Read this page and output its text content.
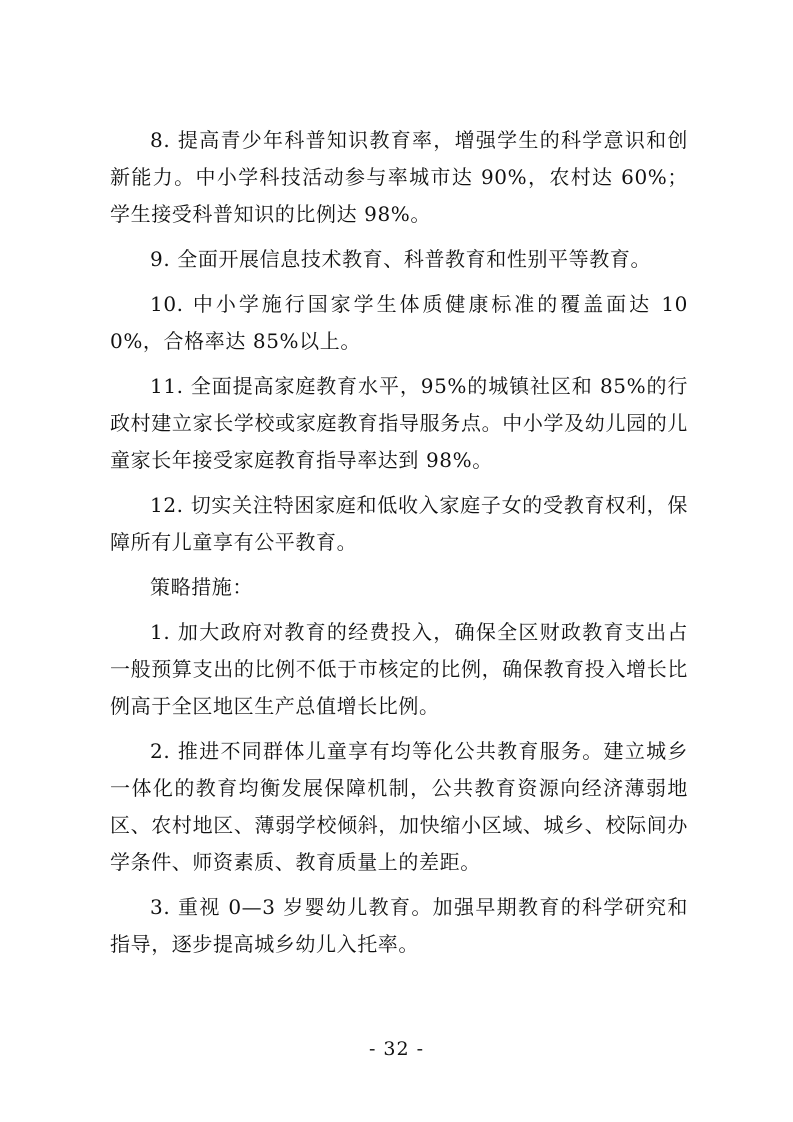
8. 提高青少年科普知识教育率，增强学生的科学意识和创新能力。中小学科技活动参与率城市达 90%，农村达 60%；学生接受科普知识的比例达 98%。

9. 全面开展信息技术教育、科普教育和性别平等教育。

10. 中小学施行国家学生体质健康标准的覆盖面达 100%，合格率达 85%以上。

11. 全面提高家庭教育水平，95%的城镇社区和 85%的行政村建立家长学校或家庭教育指导服务点。中小学及幼儿园的儿童家长年接受家庭教育指导率达到 98%。

12. 切实关注特困家庭和低收入家庭子女的受教育权利，保障所有儿童享有公平教育。

策略措施：

1. 加大政府对教育的经费投入，确保全区财政教育支出占一般预算支出的比例不低于市核定的比例，确保教育投入增长比例高于全区地区生产总值增长比例。

2. 推进不同群体儿童享有均等化公共教育服务。建立城乡一体化的教育均衡发展保障机制，公共教育资源向经济薄弱地区、农村地区、薄弱学校倾斜，加快缩小区域、城乡、校际间办学条件、师资素质、教育质量上的差距。

3. 重视 0—3 岁婴幼儿教育。加强早期教育的科学研究和指导，逐步提高城乡幼儿入托率。

- 32 -
